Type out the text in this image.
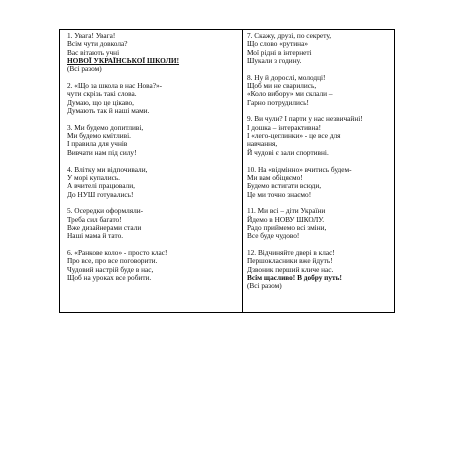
1. Увага! Увага!
Всім чути довкола?
Вас вітають учні
НОВОЇ УКРАЇНСЬКОЇ ШКОЛИ!
(Всі разом)
2. «Що за школа в нас Нова?»-
чути скрізь такі слова.
Думаю, що це цікаво,
Думають так й наші мами.
3. Ми будемо допитливі,
Ми будемо кмітливі.
І правила для учнів
Вивчати нам під силу!
4. Влітку ми відпочивали,
У морі купались.
А вчителі працювали,
До НУШ готувались!
5. Осередки оформляли-
Треба сил багато!
Вже дизайнерами стали
Наші мама й тато.
6. «Ранкове коло» - просто клас!
Про все, про все поговорити.
Чудовий настрій буде в нас,
Щоб на уроках все робити.
7. Скажу, друзі, по секрету,
Що слово «рутина»
Мої рідні в інтернеті
Шукали з годину.
8. Ну й дорослі, молодці!
Щоб ми не сварились,
«Коло вибору» ми склали –
Гарно потрудились!
9. Ви чули? І парти у нас незвичайні!
І дошка – інтерактивна!
І «лего-цеглинки» - це все для
навчання,
Й чудові є зали спортивні.
10. На «відмінно» вчитись будем-
Ми вам обіцяємо!
Будемо встигати всюди,
Це ми точно знаємо!
11. Ми всі – діти України
Йдемо в НОВУ ШКОЛУ.
Радо приймемо всі зміни,
Все буде чудово!
12. Відчиняйте двері в клас!
Першокласники вже йдуть!
Дзвоник перший кличе нас.
Всім щасливо! В добру путь!
(Всі разом)
